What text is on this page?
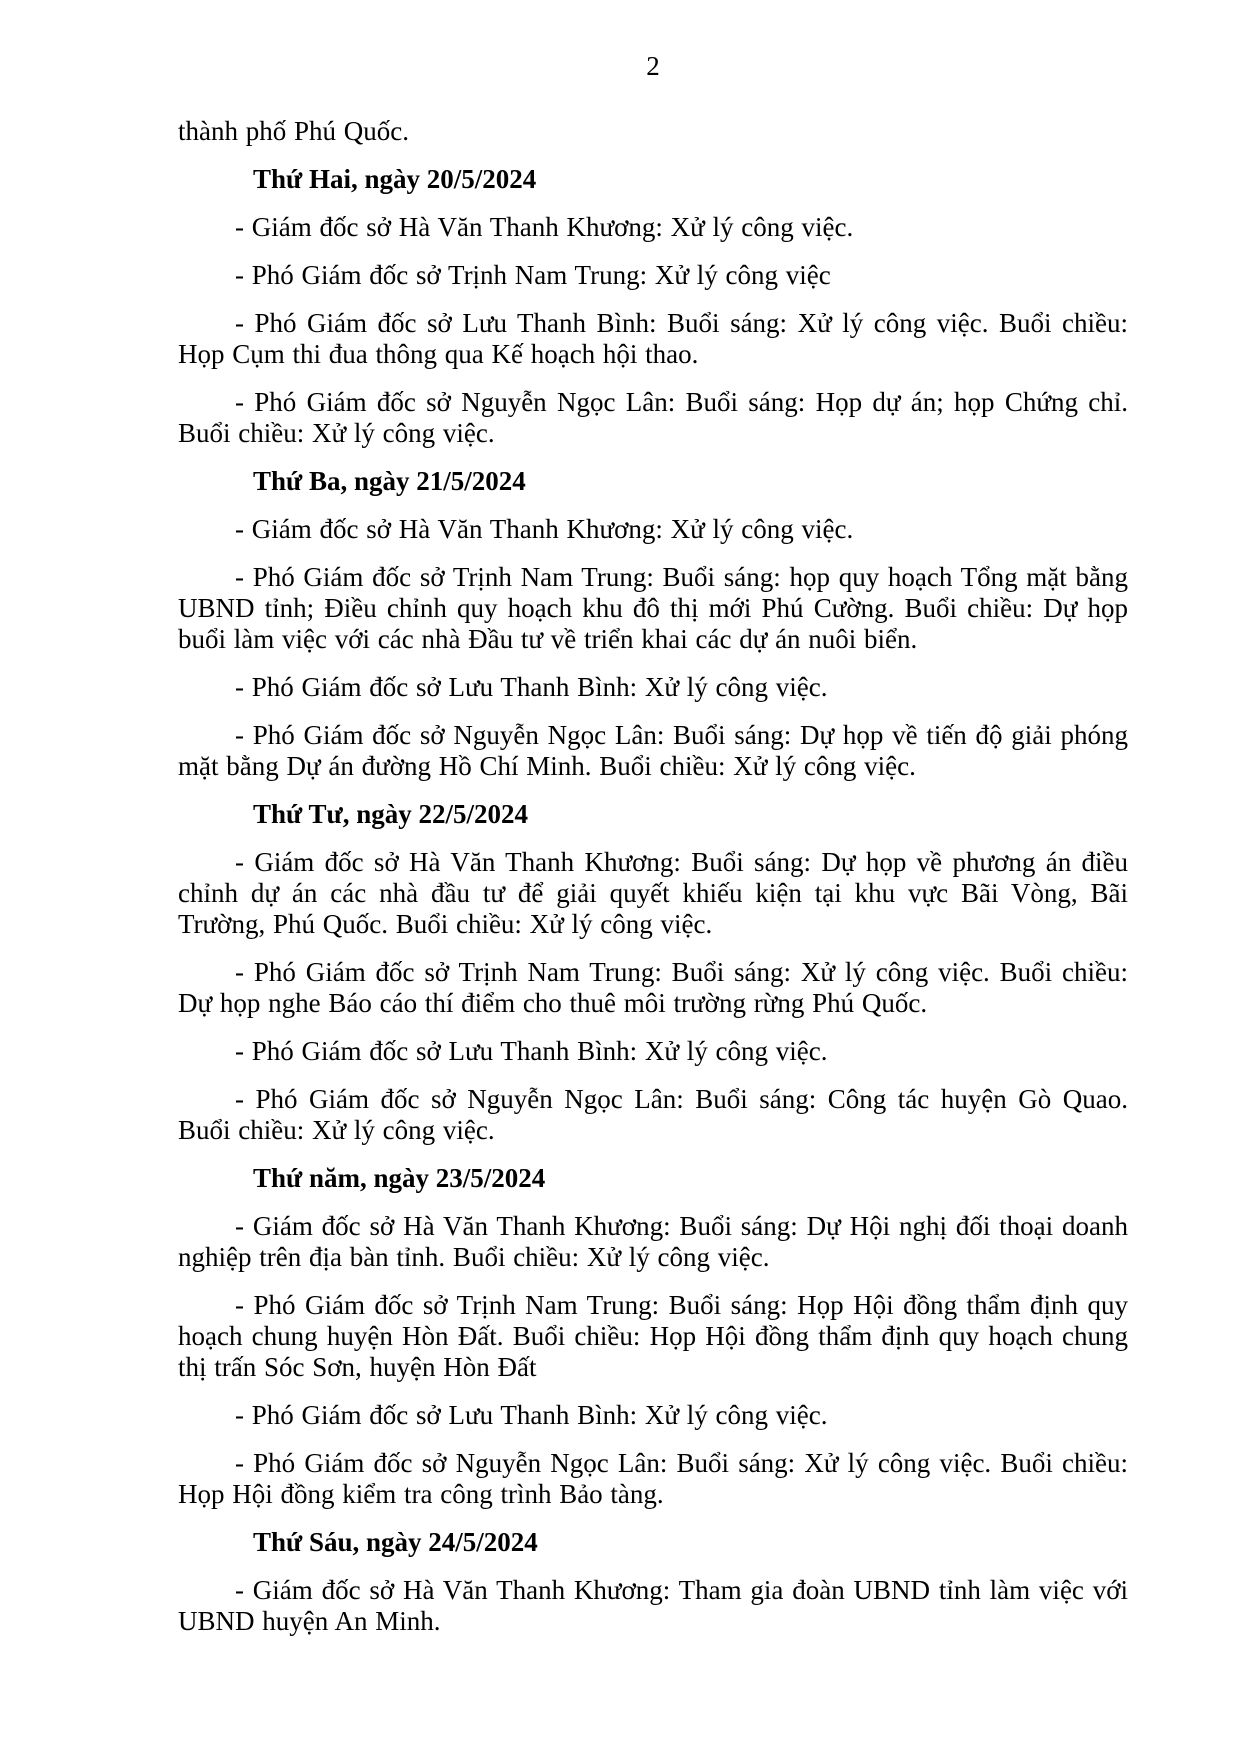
2

thành phố Phú Quốc.

Thứ Hai, ngày 20/5/2024

- Giám đốc sở Hà Văn Thanh Khương: Xử lý công việc.

- Phó Giám đốc sở Trịnh Nam Trung: Xử lý công việc

- Phó Giám đốc sở Lưu Thanh Bình: Buổi sáng: Xử lý công việc. Buổi chiều: Họp Cụm thi đua thông qua Kế hoạch hội thao.

- Phó Giám đốc sở Nguyễn Ngọc Lân: Buổi sáng: Họp dự án; họp Chứng chỉ. Buổi chiều: Xử lý công việc.

Thứ Ba, ngày 21/5/2024

- Giám đốc sở Hà Văn Thanh Khương: Xử lý công việc.

- Phó Giám đốc sở Trịnh Nam Trung: Buổi sáng: họp quy hoạch Tổng mặt bằng UBND tỉnh; Điều chỉnh quy hoạch khu đô thị mới Phú Cường. Buổi chiều: Dự họp buổi làm việc với các nhà Đầu tư về triển khai các dự án nuôi biển.

- Phó Giám đốc sở Lưu Thanh Bình: Xử lý công việc.

- Phó Giám đốc sở Nguyễn Ngọc Lân: Buổi sáng: Dự họp về tiến độ giải phóng mặt bằng Dự án đường Hồ Chí Minh. Buổi chiều: Xử lý công việc.

Thứ Tư, ngày 22/5/2024

- Giám đốc sở Hà Văn Thanh Khương: Buổi sáng: Dự họp về phương án điều chỉnh dự án các nhà đầu tư để giải quyết khiếu kiện tại khu vực Bãi Vòng, Bãi Trường, Phú Quốc. Buổi chiều: Xử lý công việc.

- Phó Giám đốc sở Trịnh Nam Trung: Buổi sáng: Xử lý công việc. Buổi chiều: Dự họp nghe Báo cáo thí điểm cho thuê môi trường rừng Phú Quốc.

- Phó Giám đốc sở Lưu Thanh Bình: Xử lý công việc.

- Phó Giám đốc sở Nguyễn Ngọc Lân: Buổi sáng: Công tác huyện Gò Quao. Buổi chiều: Xử lý công việc.

Thứ năm, ngày 23/5/2024

- Giám đốc sở Hà Văn Thanh Khương: Buổi sáng: Dự Hội nghị đối thoại doanh nghiệp trên địa bàn tỉnh. Buổi chiều: Xử lý công việc.

- Phó Giám đốc sở Trịnh Nam Trung: Buổi sáng: Họp Hội đồng thẩm định quy hoạch chung huyện Hòn Đất. Buổi chiều: Họp Hội đồng thẩm định quy hoạch chung thị trấn Sóc Sơn, huyện Hòn Đất

- Phó Giám đốc sở Lưu Thanh Bình: Xử lý công việc.

- Phó Giám đốc sở Nguyễn Ngọc Lân: Buổi sáng: Xử lý công việc. Buổi chiều: Họp Hội đồng kiểm tra công trình Bảo tàng.

Thứ Sáu, ngày 24/5/2024

- Giám đốc sở Hà Văn Thanh Khương: Tham gia đoàn UBND tỉnh làm việc với UBND huyện An Minh.
